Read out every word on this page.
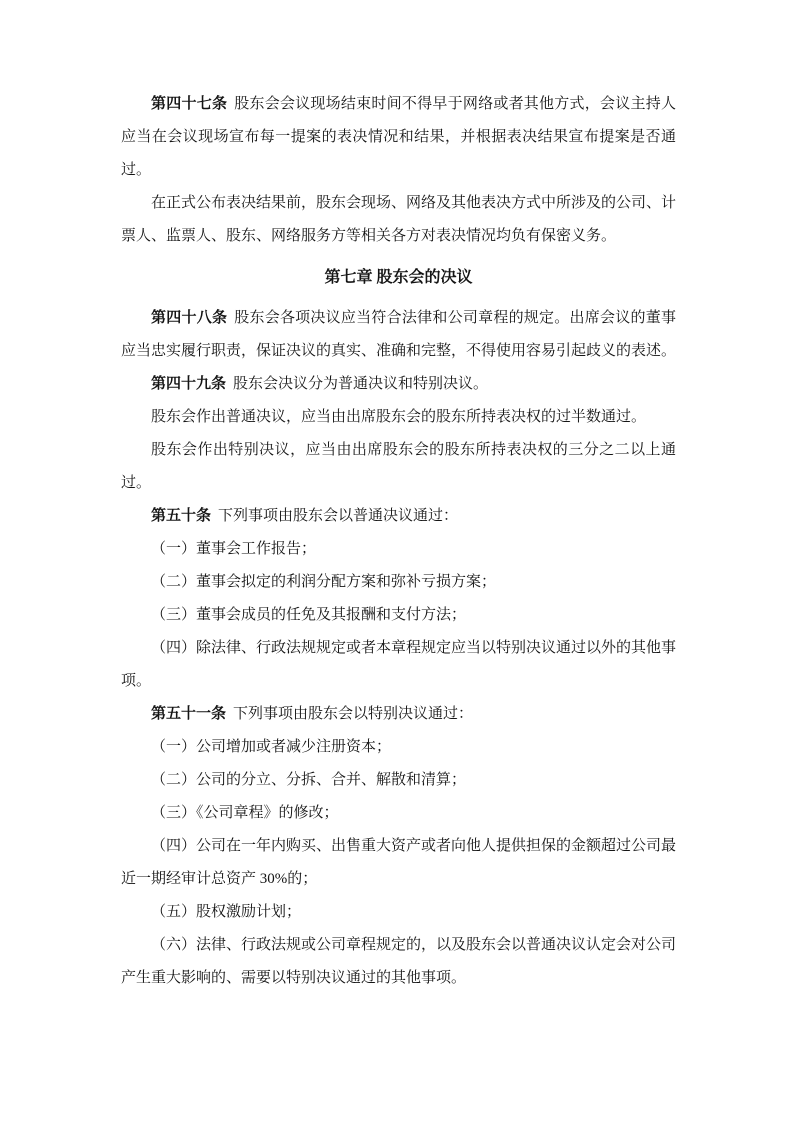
第四十七条 股东会会议现场结束时间不得早于网络或者其他方式，会议主持人应当在会议现场宣布每一提案的表决情况和结果，并根据表决结果宣布提案是否通过。

在正式公布表决结果前，股东会现场、网络及其他表决方式中所涉及的公司、计票人、监票人、股东、网络服务方等相关各方对表决情况均负有保密义务。

第七章 股东会的决议

第四十八条 股东会各项决议应当符合法律和公司章程的规定。出席会议的董事应当忠实履行职责，保证决议的真实、准确和完整，不得使用容易引起歧义的表述。

第四十九条 股东会决议分为普通决议和特别决议。

股东会作出普通决议，应当由出席股东会的股东所持表决权的过半数通过。

股东会作出特别决议，应当由出席股东会的股东所持表决权的三分之二以上通过。

第五十条 下列事项由股东会以普通决议通过：

（一）董事会工作报告；

（二）董事会拟定的利润分配方案和弥补亏损方案；

（三）董事会成员的任免及其报酬和支付方法；

（四）除法律、行政法规规定或者本章程规定应当以特别决议通过以外的其他事项。

第五十一条 下列事项由股东会以特别决议通过：

（一）公司增加或者减少注册资本；

（二）公司的分立、分拆、合并、解散和清算；

（三）《公司章程》的修改；

（四）公司在一年内购买、出售重大资产或者向他人提供担保的金额超过公司最近一期经审计总资产 30%的；

（五）股权激励计划；

（六）法律、行政法规或公司章程规定的，以及股东会以普通决议认定会对公司产生重大影响的、需要以特别决议通过的其他事项。
